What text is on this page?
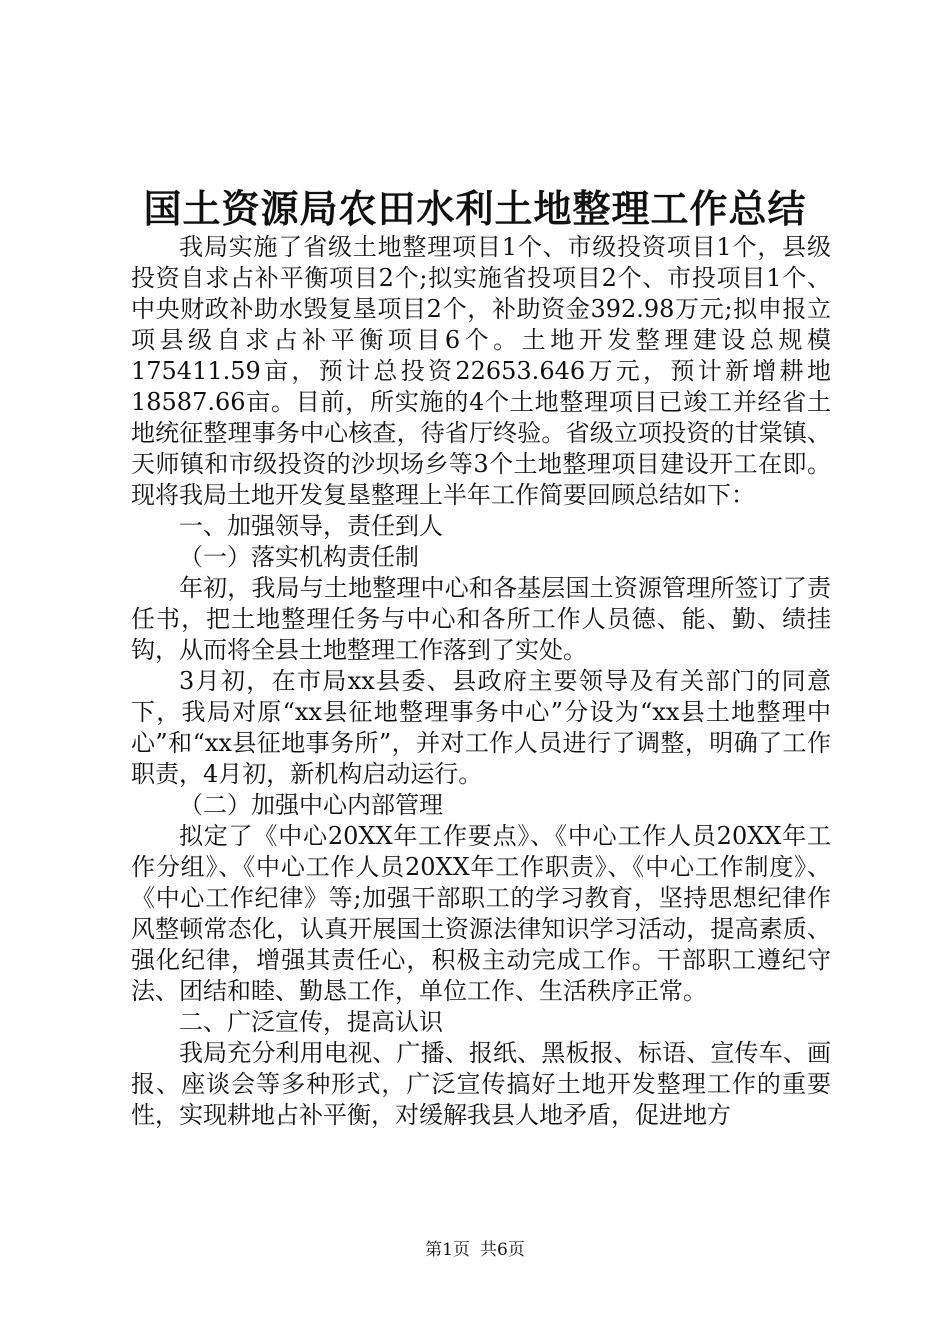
国土资源局农田水利土地整理工作总结

我局实施了省级土地整理项目1个、市级投资项目1个，县级投资自求占补平衡项目2个;拟实施省投项目2个、市投项目1个、中央财政补助水毁复垦项目2个，补助资金392.98万元;拟申报立项县级自求占补平衡项目6个。土地开发整理建设总规模175411.59亩，预计总投资22653.646万元，预计新增耕地18587.66亩。目前，所实施的4个土地整理项目已竣工并经省土地统征整理事务中心核查，待省厅终验。省级立项投资的甘棠镇、天师镇和市级投资的沙坝场乡等3个土地整理项目建设开工在即。现将我局土地开发复垦整理上半年工作简要回顾总结如下：

一、加强领导，责任到人

（一）落实机构责任制

年初，我局与土地整理中心和各基层国土资源管理所签订了责任书，把土地整理任务与中心和各所工作人员德、能、勤、绩挂钩，从而将全县土地整理工作落到了实处。

3月初，在市局xx县委、县政府主要领导及有关部门的同意下，我局对原“xx县征地整理事务中心”分设为“xx县土地整理中心”和“xx县征地事务所”，并对工作人员进行了调整，明确了工作职责，4月初，新机构启动运行。

（二）加强中心内部管理

拟定了《中心20XX年工作要点》、《中心工作人员20XX年工作分组》、《中心工作人员20XX年工作职责》、《中心工作制度》、《中心工作纪律》等;加强干部职工的学习教育，坚持思想纪律作风整顿常态化，认真开展国土资源法律知识学习活动，提高素质、强化纪律，增强其责任心，积极主动完成工作。干部职工遵纪守法、团结和睦、勤恳工作，单位工作、生活秩序正常。

二、广泛宣传，提高认识

我局充分利用电视、广播、报纸、黑板报、标语、宣传车、画报、座谈会等多种形式，广泛宣传搞好土地开发整理工作的重要性，实现耕地占补平衡，对缓解我县人地矛盾，促进地方

第1页 共6页
